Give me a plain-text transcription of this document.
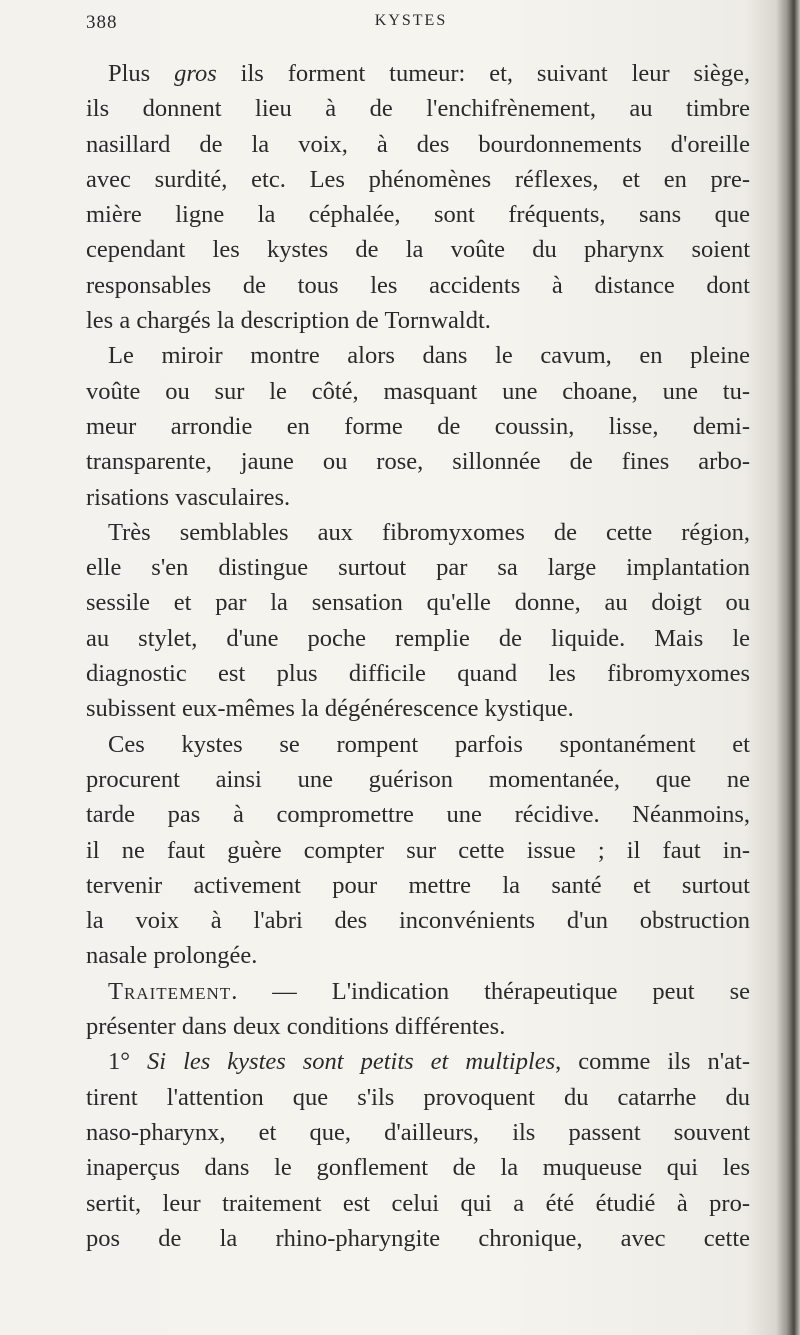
388	KYSTES
Plus gros ils forment tumeur: et, suivant leur siège,
ils donnent lieu à de l'enchifrènement, au timbre
nasillard de la voix, à des bourdonnements d'oreille
avec surdité, etc. Les phénomènes réflexes, et en pre-
mière ligne la céphalée, sont fréquents, sans que
cependant les kystes de la voûte du pharynx soient
responsables de tous les accidents à distance dont
les a chargés la description de Tornwaldt.
Le miroir montre alors dans le cavum, en pleine
voûte ou sur le côté, masquant une choane, une tu-
meur arrondie en forme de coussin, lisse, demi-
transparente, jaune ou rose, sillonnée de fines arbo-
risations vasculaires.
Très semblables aux fibromyxomes de cette région,
elle s'en distingue surtout par sa large implantation
sessile et par la sensation qu'elle donne, au doigt ou
au stylet, d'une poche remplie de liquide. Mais le
diagnostic est plus difficile quand les fibromyxomes
subissent eux-mêmes la dégénérescence kystique.
Ces kystes se rompent parfois spontanément et
procurent ainsi une guérison momentanée, que ne
tarde pas à compromettre une récidive. Néanmoins,
il ne faut guère compter sur cette issue ; il faut in-
tervenir activement pour mettre la santé et surtout
la voix à l'abri des inconvénients d'un obstruction
nasale prolongée.
Traitement. — L'indication thérapeutique peut se
présenter dans deux conditions différentes.
1° Si les kystes sont petits et multiples, comme ils n'at-
tirent l'attention que s'ils provoquent du catarrhe du
naso-pharynx, et que, d'ailleurs, ils passent souvent
inaperçus dans le gonflement de la muqueuse qui les
sertit, leur traitement est celui qui a été étudié à pro-
pos de la rhino-pharyngite chronique, avec cette
